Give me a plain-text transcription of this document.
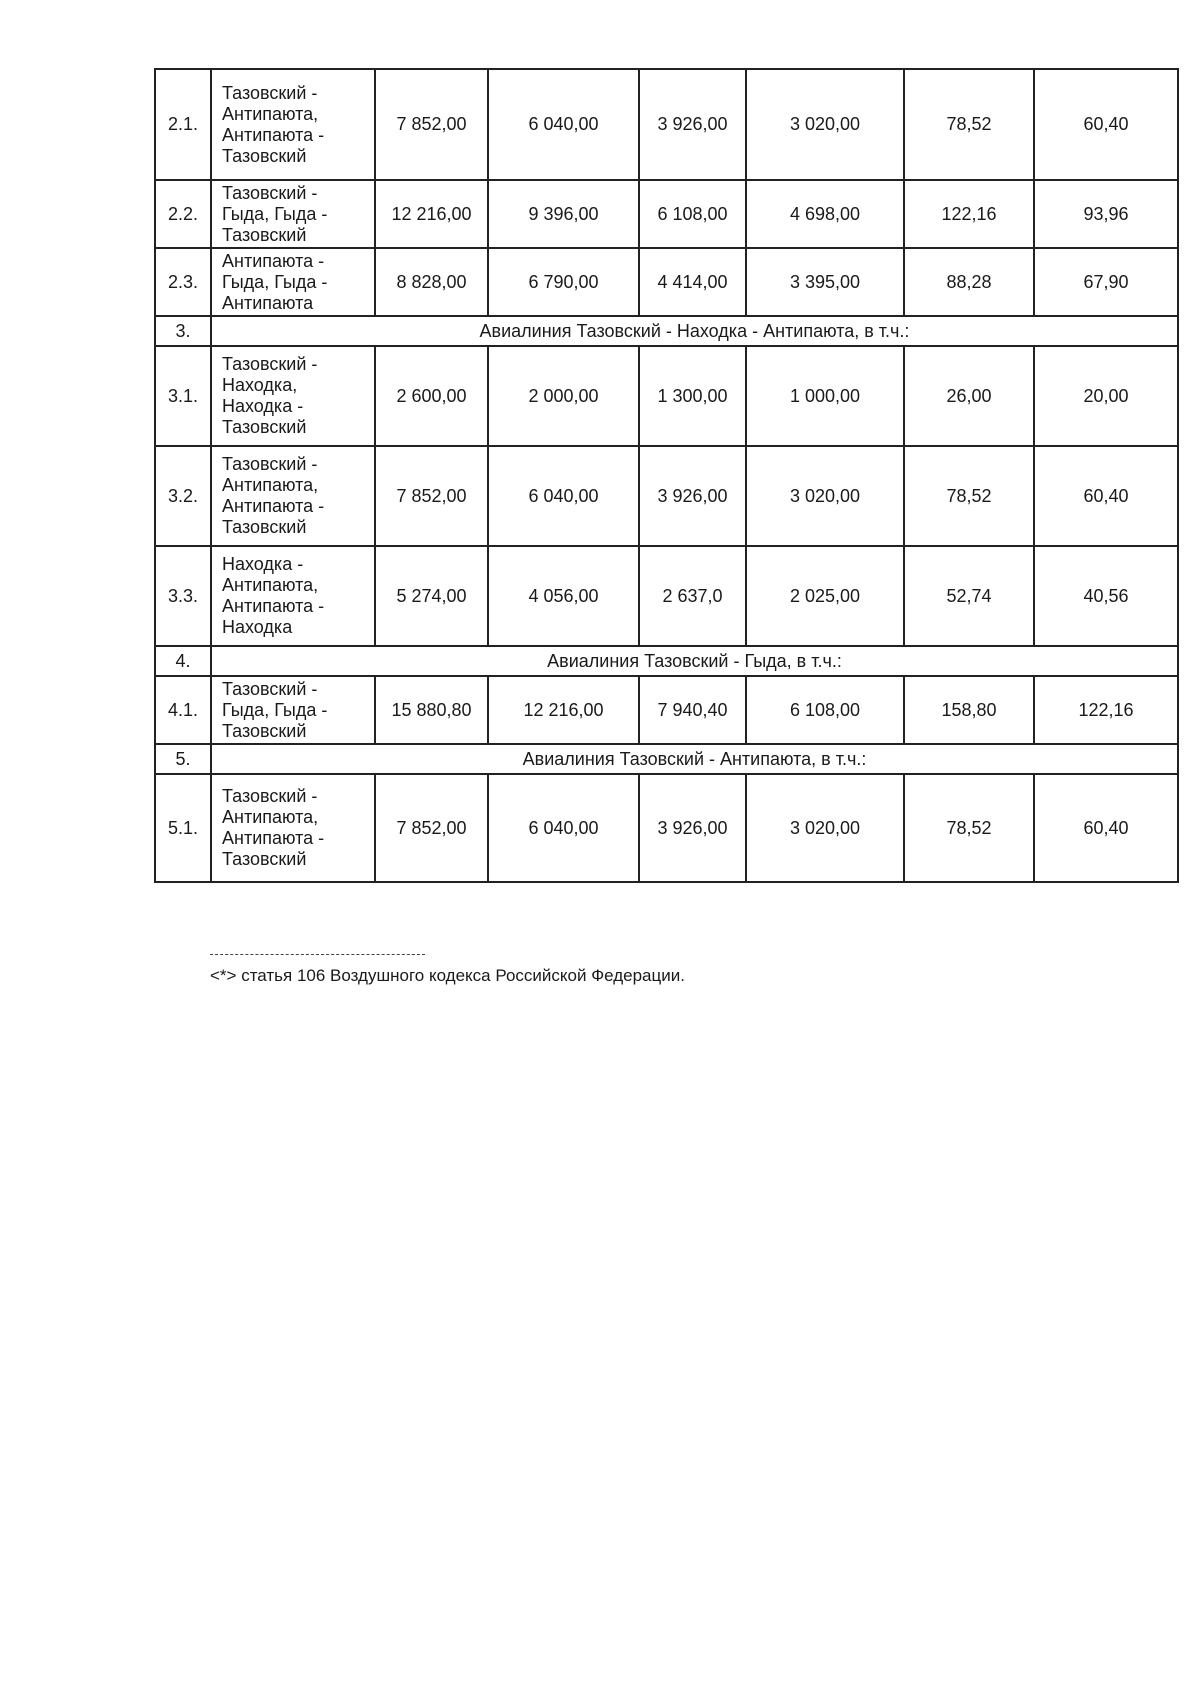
2.1.	Тазовский -
Антипаюта,
Антипаюта -
Тазовский	7 852,00	6 040,00	3 926,00	3 020,00	78,52	60,40
2.2.	Тазовский -
Гыда, Гыда -
Тазовский	12 216,00	9 396,00	6 108,00	4 698,00	122,16	93,96
2.3.	Антипаюта -
Гыда, Гыда -
Антипаюта	8 828,00	6 790,00	4 414,00	3 395,00	88,28	67,90
3.	Авиалиния Тазовский - Находка - Антипаюта, в т.ч.:						
3.1.	Тазовский -
Находка,
Находка -
Тазовский	2 600,00	2 000,00	1 300,00	1 000,00	26,00	20,00
3.2.	Тазовский -
Антипаюта,
Антипаюта -
Тазовский	7 852,00	6 040,00	3 926,00	3 020,00	78,52	60,40
3.3.	Находка -
Антипаюта,
Антипаюта -
Находка	5 274,00	4 056,00	2 637,0	2 025,00	52,74	40,56
4.	Авиалиния Тазовский - Гыда, в т.ч.:						
4.1.	Тазовский -
Гыда, Гыда -
Тазовский	15 880,80	12 216,00	7 940,40	6 108,00	158,80	122,16
5.	Авиалиния Тазовский - Антипаюта, в т.ч.:						
5.1.	Тазовский -
Антипаюта,
Антипаюта -
Тазовский	7 852,00	6 040,00	3 926,00	3 020,00	78,52	60,40
<*> статья 106 Воздушного кодекса Российской Федерации.
